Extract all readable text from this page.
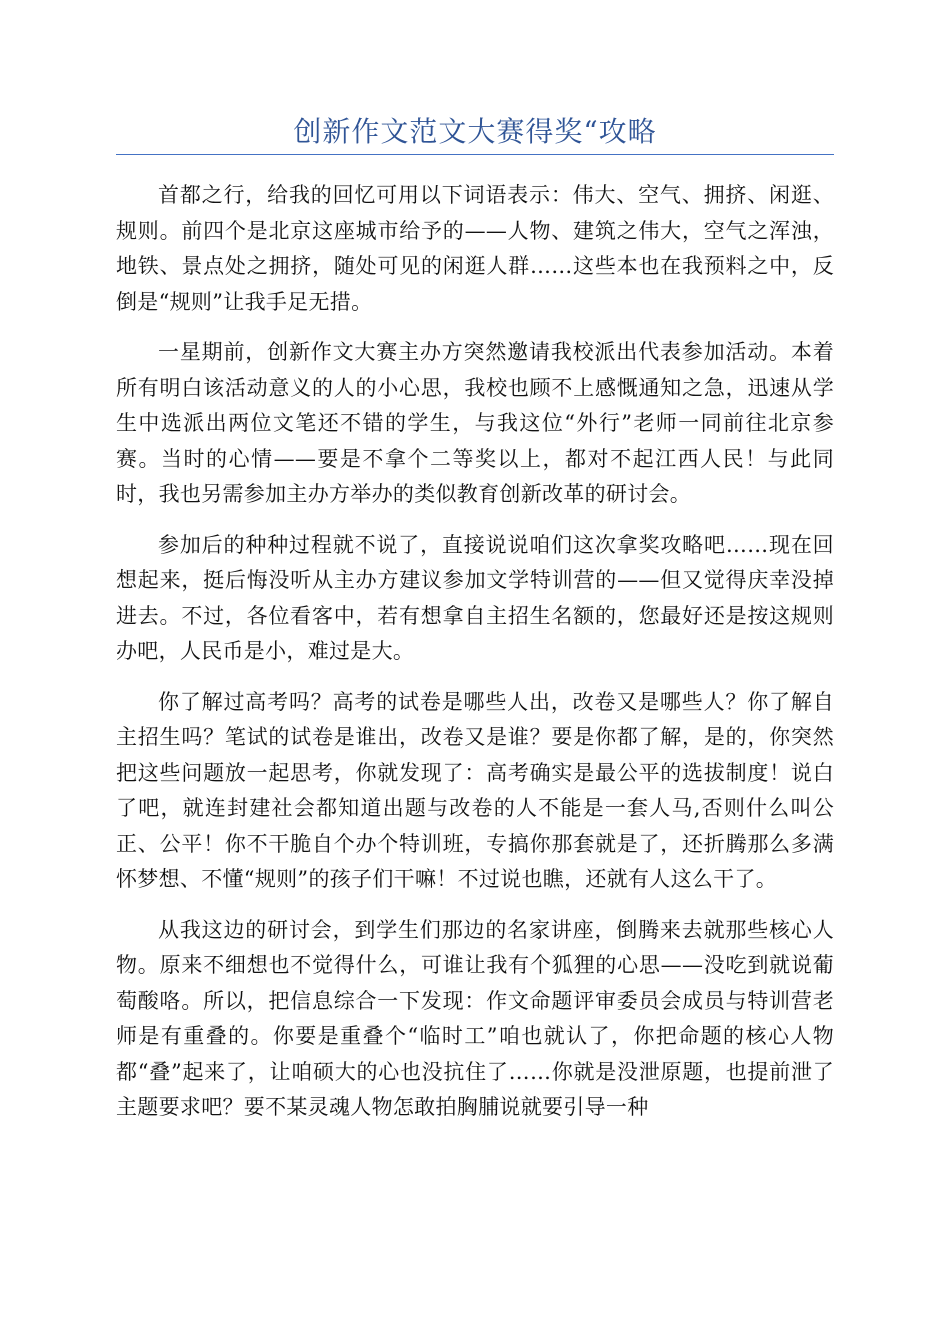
创新作文范文大赛得奖“攻略

首都之行，给我的回忆可用以下词语表示：伟大、空气、拥挤、闲逛、规则。前四个是北京这座城市给予的——人物、建筑之伟大，空气之浑浊，地铁、景点处之拥挤，随处可见的闲逛人群……这些本也在我预料之中，反倒是“规则”让我手足无措。

一星期前，创新作文大赛主办方突然邀请我校派出代表参加活动。本着所有明白该活动意义的人的小心思，我校也顾不上感慨通知之急，迅速从学生中选派出两位文笔还不错的学生，与我这位“外行”老师一同前往北京参赛。当时的心情——要是不拿个二等奖以上，都对不起江西人民！与此同时，我也另需参加主办方举办的类似教育创新改革的研讨会。

参加后的种种过程就不说了，直接说说咱们这次拿奖攻略吧……现在回想起来，挺后悔没听从主办方建议参加文学特训营的——但又觉得庆幸没掉进去。不过，各位看客中，若有想拿自主招生名额的，您最好还是按这规则办吧，人民币是小，难过是大。

你了解过高考吗？高考的试卷是哪些人出，改卷又是哪些人？你了解自主招生吗？笔试的试卷是谁出，改卷又是谁？要是你都了解，是的，你突然把这些问题放一起思考，你就发现了：高考确实是最公平的选拔制度！说白了吧，就连封建社会都知道出题与改卷的人不能是一套人马,否则什么叫公正、公平！你不干脆自个办个特训班，专搞你那套就是了，还折腾那么多满怀梦想、不懂“规则”的孩子们干嘛！不过说也瞧，还就有人这么干了。

从我这边的研讨会，到学生们那边的名家讲座，倒腾来去就那些核心人物。原来不细想也不觉得什么，可谁让我有个狐狸的心思——没吃到就说葡萄酸咯。所以，把信息综合一下发现：作文命题评审委员会成员与特训营老师是有重叠的。你要是重叠个“临时工”咱也就认了，你把命题的核心人物都“叠”起来了，让咱硕大的心也没抗住了……你就是没泄原题，也提前泄了主题要求吧？要不某灵魂人物怎敢拍胸脯说就要引导一种
